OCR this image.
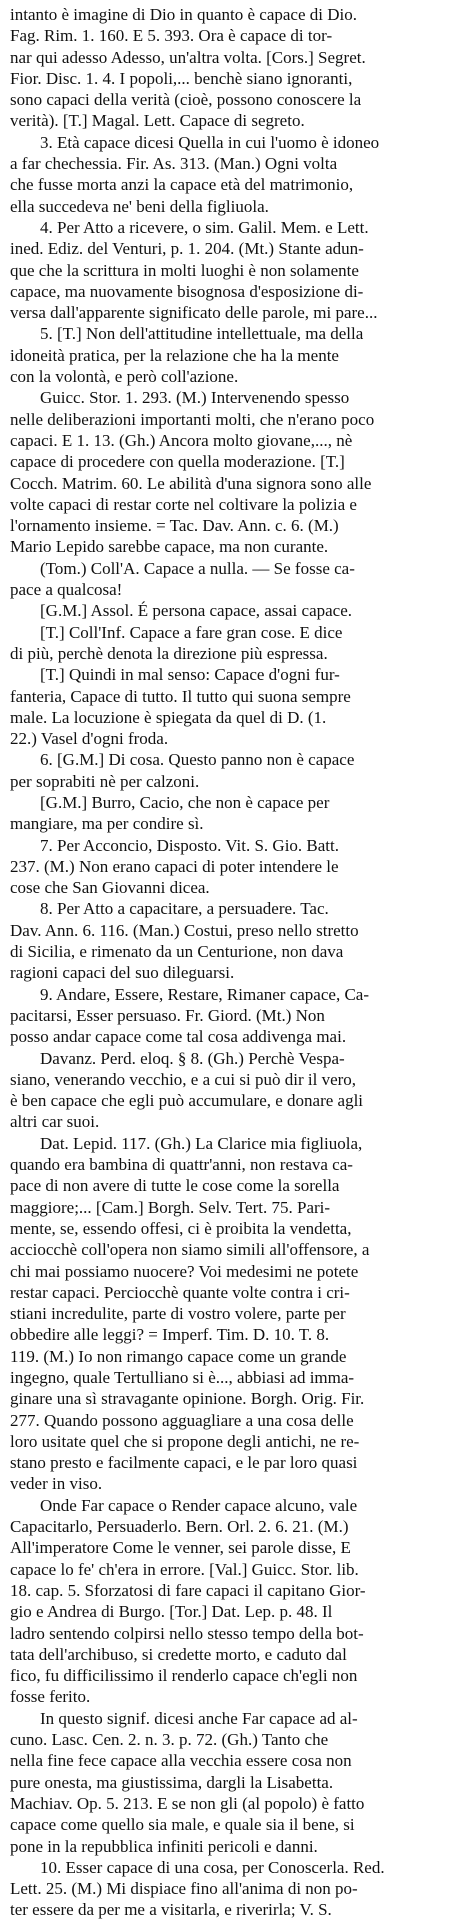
intanto è imagine di Dio in quanto è capace di Dio.
Fag. Rim. 1. 160. E 5. 393. Ora è capace di tor-
nar qui adesso Adesso, un'altra volta. [Cors.] Segret.
Fior. Disc. 1. 4. I popoli,... benchè siano ignoranti,
sono capaci della verità (cioè, possono conoscere la
verità). [T.] Magal. Lett. Capace di segreto.
3. Età capace dicesi Quella in cui l'uomo è idoneo
a far chechessia. Fir. As. 313. (Man.) Ogni volta
che fusse morta anzi la capace età del matrimonio,
ella succedeva ne' beni della figliuola.
4. Per Atto a ricevere, o sim. Galil. Mem. e Lett.
ined. Ediz. del Venturi, p. 1. 204. (Mt.) Stante adun-
que che la scrittura in molti luoghi è non solamente
capace, ma nuovamente bisognosa d'esposizione di-
versa dall'apparente significato delle parole, mi pare...
5. [T.] Non dell'attitudine intellettuale, ma della
idoneità pratica, per la relazione che ha la mente
con la volontà, e però coll'azione.
Guicc. Stor. 1. 293. (M.) Intervenendo spesso
nelle deliberazioni importanti molti, che n'erano poco
capaci. E 1. 13. (Gh.) Ancora molto giovane,..., nè
capace di procedere con quella moderazione. [T.]
Cocch. Matrim. 60. Le abilità d'una signora sono alle
volte capaci di restar corte nel coltivare la polizia e
l'ornamento insieme. = Tac. Dav. Ann. c. 6. (M.)
Mario Lepido sarebbe capace, ma non curante.
(Tom.) Coll'A. Capace a nulla. — Se fosse ca-
pace a qualcosa!
[G.M.] Assol. É persona capace, assai capace.
[T.] Coll'Inf. Capace a fare gran cose. E dice
di più, perchè denota la direzione più espressa.
[T.] Quindi in mal senso: Capace d'ogni fur-
fanteria, Capace di tutto. Il tutto qui suona sempre
male. La locuzione è spiegata da quel di D. (1.
22.) Vasel d'ogni froda.
6. [G.M.] Di cosa. Questo panno non è capace
per soprabiti nè per calzoni.
[G.M.] Burro, Cacio, che non è capace per
mangiare, ma per condire sì.
7. Per Acconcio, Disposto. Vit. S. Gio. Batt.
237. (M.) Non erano capaci di poter intendere le
cose che San Giovanni dicea.
8. Per Atto a capacitare, a persuadere. Tac.
Dav. Ann. 6. 116. (Man.) Costui, preso nello stretto
di Sicilia, e rimenato da un Centurione, non dava
ragioni capaci del suo dileguarsi.
9. Andare, Essere, Restare, Rimaner capace, Ca-
pacitarsi, Esser persuaso. Fr. Giord. (Mt.) Non
posso andar capace come tal cosa addivenga mai.
Davanz. Perd. eloq. § 8. (Gh.) Perchè Vespa-
siano, venerando vecchio, e a cui si può dir il vero,
è ben capace che egli può accumulare, e donare agli
altri car suoi.
Dat. Lepid. 117. (Gh.) La Clarice mia figliuola,
quando era bambina di quattr'anni, non restava ca-
pace di non avere di tutte le cose come la sorella
maggiore;... [Cam.] Borgh. Selv. Tert. 75. Pari-
mente, se, essendo offesi, ci è proibita la vendetta,
acciocchè coll'opera non siamo simili all'offensore, a
chi mai possiamo nuocere? Voi medesimi ne potete
restar capaci. Perciocchè quante volte contra i cri-
stiani incredulite, parte di vostro volere, parte per
obbedire alle leggi? = Imperf. Tim. D. 10. T. 8.
119. (M.) Io non rimango capace come un grande
ingegno, quale Tertulliano si è..., abbiasi ad imma-
ginare una sì stravagante opinione. Borgh. Orig. Fir.
277. Quando possono agguagliare a una cosa delle
loro usitate quel che si propone degli antichi, ne re-
stano presto e facilmente capaci, e le par loro quasi
veder in viso.
Onde Far capace o Render capace alcuno, vale
Capacitarlo, Persuaderlo. Bern. Orl. 2. 6. 21. (M.)
All'imperatore Come le venner, sei parole disse, E
capace lo fe' ch'era in errore. [Val.] Guicc. Stor. lib.
18. cap. 5. Sforzatosi di fare capaci il capitano Gior-
gio e Andrea di Burgo. [Tor.] Dat. Lep. p. 48. Il
ladro sentendo colpirsi nello stesso tempo della bot-
tata dell'archibuso, si credette morto, e caduto dal
fico, fu difficilissimo il renderlo capace ch'egli non
fosse ferito.
In questo signif. dicesi anche Far capace ad al-
cuno. Lasc. Cen. 2. n. 3. p. 72. (Gh.) Tanto che
nella fine fece capace alla vecchia essere cosa non
pure onesta, ma giustissima, dargli la Lisabetta.
Machiav. Op. 5. 213. E se non gli (al popolo) è fatto
capace come quello sia male, e quale sia il bene, si
pone in la repubblica infiniti pericoli e danni.
10. Esser capace di una cosa, per Conoscerla. Red.
Lett. 25. (M.) Mi dispiace fino all'anima di non po-
ter essere da per me a visitarla, e riverirla; V. S.
